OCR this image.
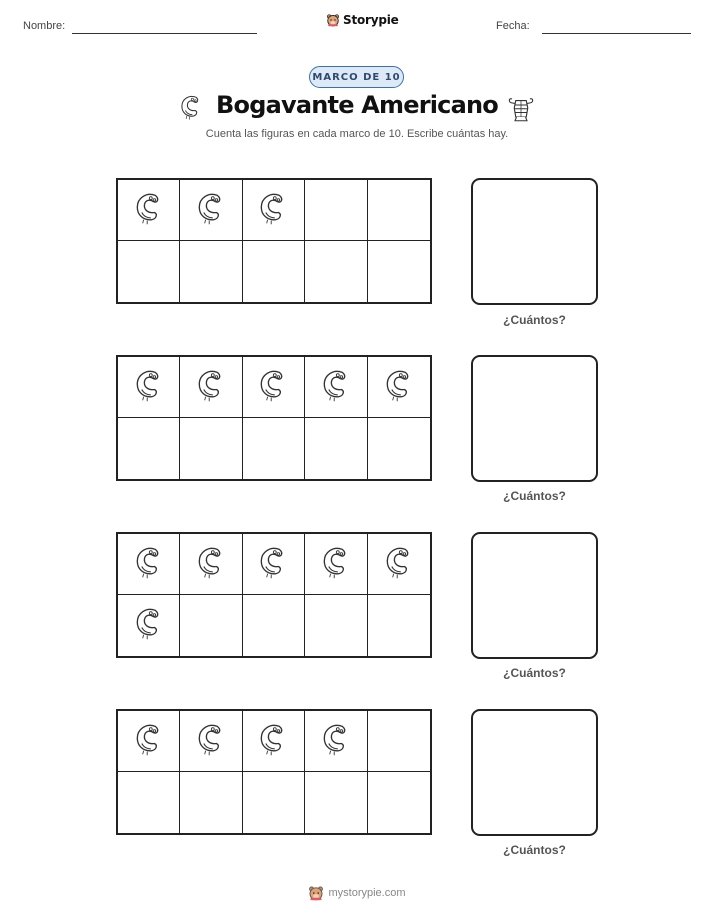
Nombre:	Storypie	Fecha:
MARCO DE 10
Bogavante Americano
Cuenta las figuras en cada marco de 10. Escribe cuántas hay.
¿Cuántos?
¿Cuántos?
¿Cuántos?
¿Cuántos?
mystorypie.com
